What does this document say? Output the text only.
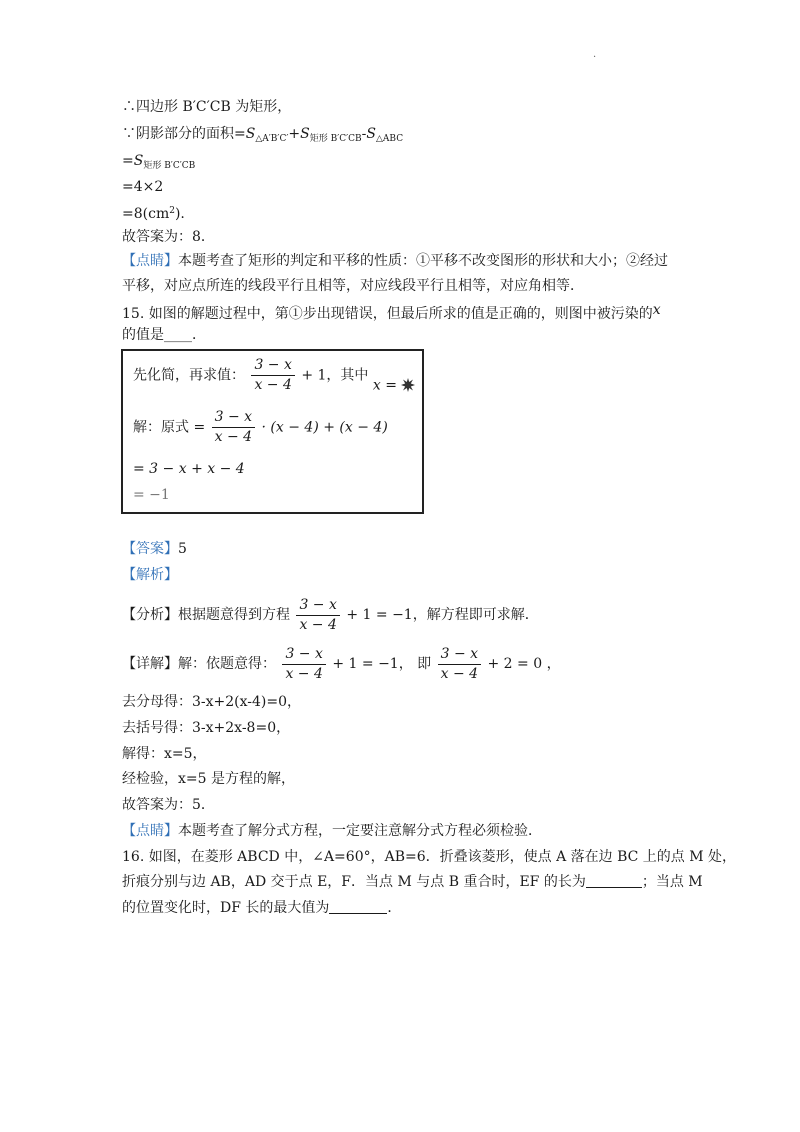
·
∴四边形 B′C′CB 为矩形，
∵阴影部分的面积$=S_{\triangle A'B'C'}+S_{矩形 B'C'CB}-S_{\triangle ABC}$
$=S_{矩形 B'C'CB}$
=4×2
$=8(cm^2)$.
故答案为：8．
【点睛】本题考查了矩形的判定和平移的性质：①平移不改变图形的形状和大小；②经过
平移，对应点所连的线段平行且相等，对应线段平行且相等，对应角相等．
15. 如图的解题过程中，第①步出现错误，但最后所求的值是正确的，则图中被污染的x
的值是____．
先化简，再求值： $\frac{3 - x}{x - 4} + 1$，其中 x =
解：原式 = $\frac{3 - x}{x - 4} \cdot (x - 4) + (x - 4)$
= 3 − x + x − 4
= −1
【答案】5
【解析】
【分析】根据题意得到方程 $\frac{3 - x}{x - 4} + 1 = -1$，解方程即可求解．
【详解】解：依题意得： $\frac{3 - x}{x - 4} + 1 = -1$， 即 $\frac{3 - x}{x - 4} + 2 = 0$ ，
去分母得：3-x+2(x-4)=0，
去括号得：3-x+2x-8=0，
解得：x=5，
经检验，x=5 是方程的解，
故答案为：5．
【点睛】本题考查了解分式方程，一定要注意解分式方程必须检验．
16. 如图，在菱形 ABCD 中，∠A=60°，AB=6．折叠该菱形，使点 A 落在边 BC 上的点 M 处，
折痕分别与边 AB，AD 交于点 E，F．当点 M 与点 B 重合时，EF 的长为	；当点 M
的位置变化时，DF 长的最大值为	．
